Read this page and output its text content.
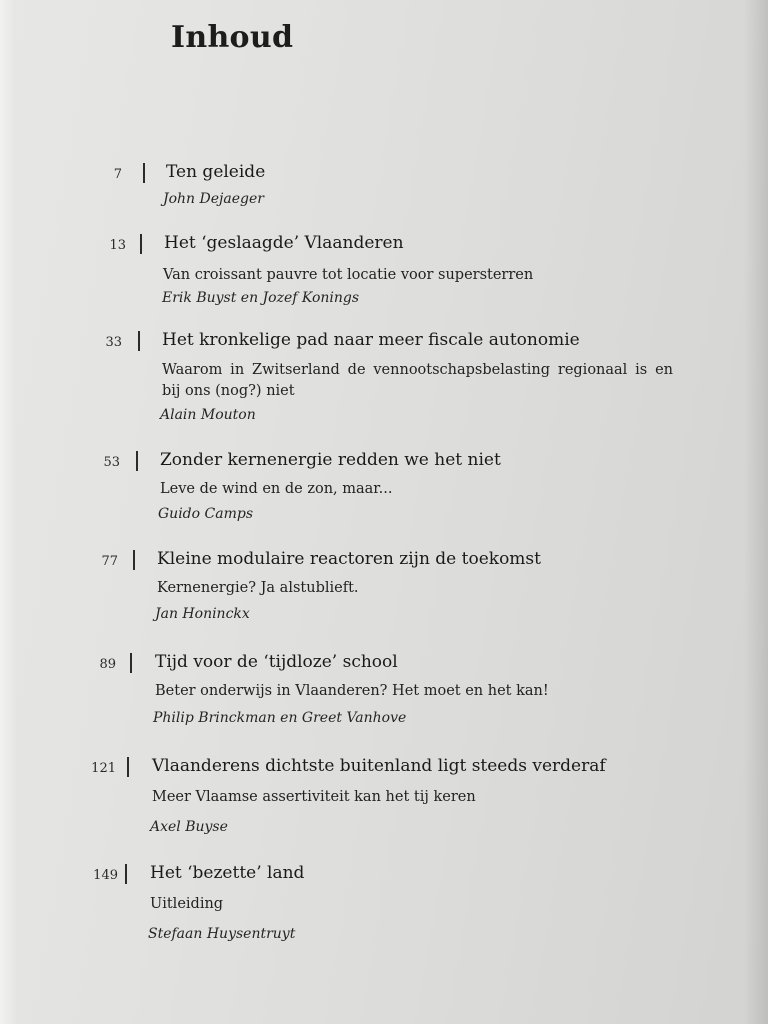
Inhoud
7	Ten geleide
John Dejaeger
13 Het ‘geslaagde’ Vlaanderen
Van croissant pauvre tot locatie voor supersterren
Erik Buyst en Jozef Konings
33 Het kronkelige pad naar meer fiscale autonomie
Waarom in Zwitserland de vennootschapsbelasting regionaal is en bij ons (nog?) niet
Alain Mouton
53 Zonder kernenergie redden we het niet
Leve de wind en de zon, maar...
Guido Camps
77 Kleine modulaire reactoren zijn de toekomst
Kernenergie? Ja alstublieft.
Jan Honinckx
89 Tijd voor de ‘tijdloze’ school
Beter onderwijs in Vlaanderen? Het moet en het kan!
Philip Brinckman en Greet Vanhove
121 Vlaanderens dichtste buitenland ligt steeds verderaf
Meer Vlaamse assertiviteit kan het tij keren
Axel Buyse
149 Het ‘bezette’ land
Uitleiding
Stefaan Huysentruyt
